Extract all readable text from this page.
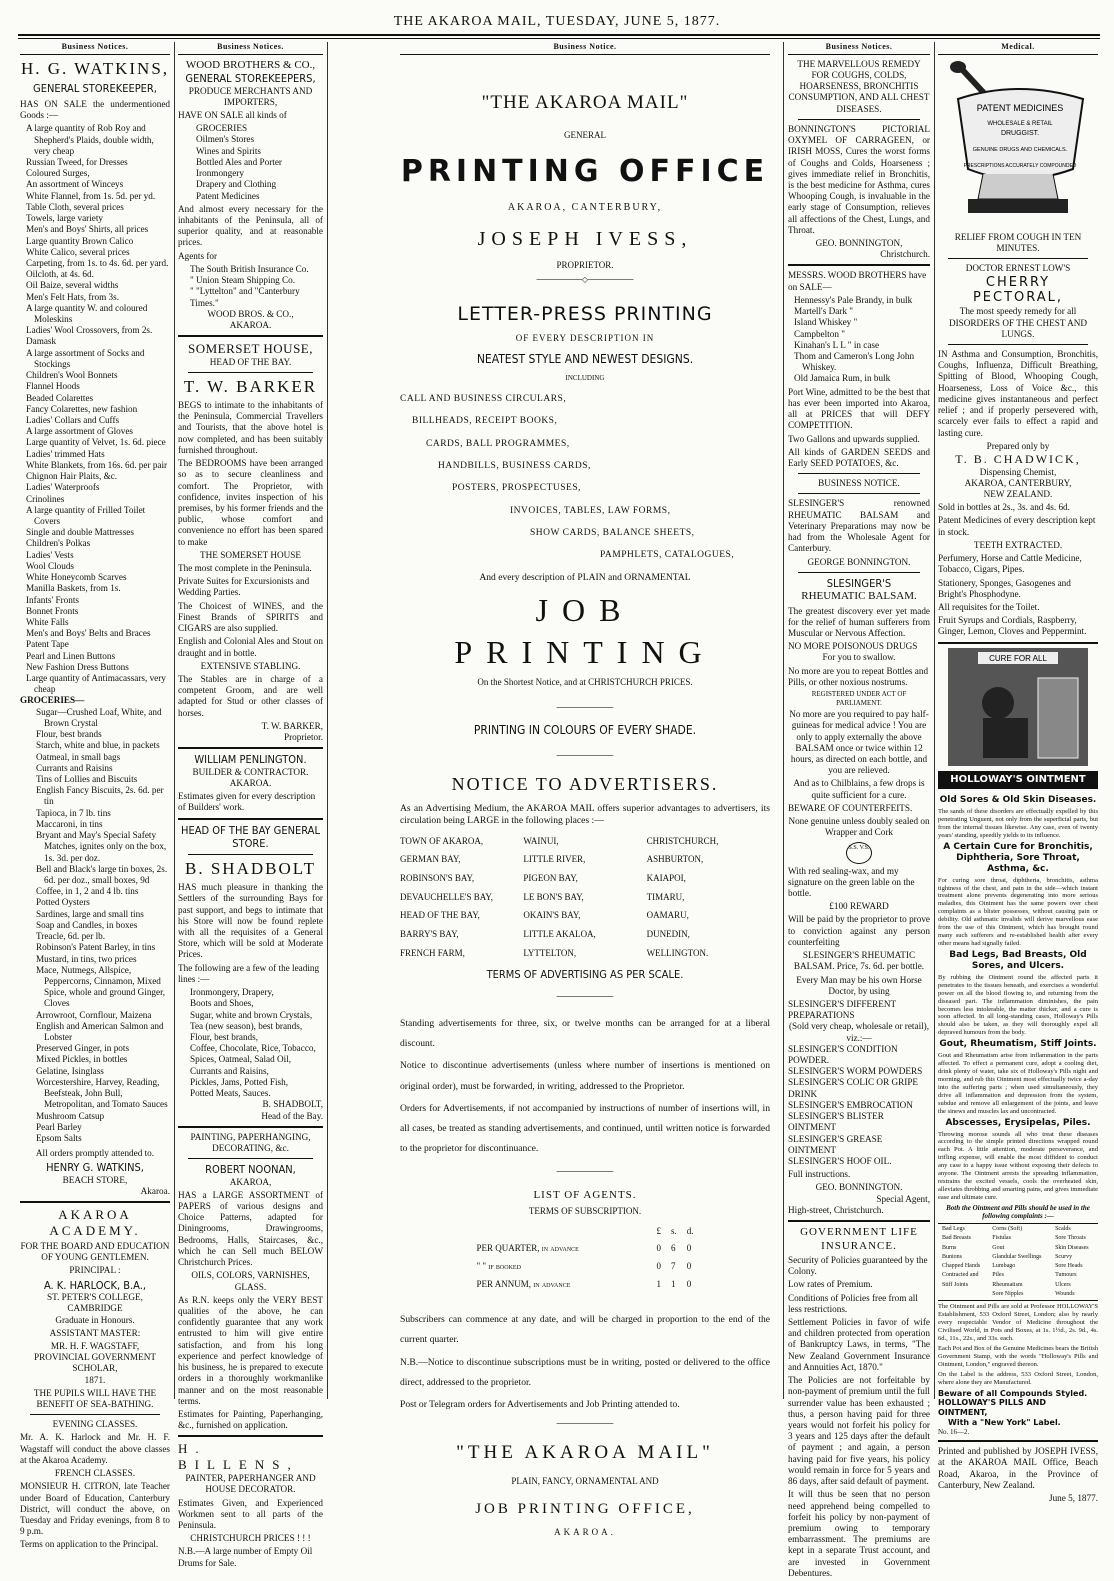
THE AKAROA MAIL, TUESDAY, JUNE 5, 1877.
Business Notices.
H. G. WATKINS,
GENERAL STOREKEEPER,

HAS ON SALE the undermentioned Goods :—

A large quantity of Rob Roy and Shepherd's Plaids, double width, very cheap
Russian Tweed, for Dresses
Coloured Surges,
An assortment of Winceys
White Flannel, from 1s. 5d. per yd.
Table Cloth, several prices
Towels, large variety
Men's and Boys' Shirts, all prices
Large quantity Brown Calico
White Calico, several prices
Carpeting, from 1s. to 4s. 6d. per yard.
Oilcloth, at 4s. 6d.
Oil Baize, several widths
Men's Felt Hats, from 3s.
A large quantity W. and coloured Moleskins
Ladies' Wool Crossovers, from 2s.
Damask
A large assortment of Socks and Stockings
Children's Wool Bonnets
Flannel Hoods
Beaded Colarettes
Fancy Colarettes, new fashion
Ladies' Collars and Cuffs
A large assortment of Gloves
Large quantity of Velvet, 1s. 6d. piece
Ladies' trimmed Hats
White Blankets, from 16s. 6d. per pair
Chignon Hair Plaits, &c.
Ladies' Waterproofs
Crinolines
A large quantity of Frilled Toilet Covers
Single and double Mattresses
Children's Polkas
Ladies' Vests
Wool Clouds
White Honeycomb Scarves
Manilla Baskets, from 1s.
Infants' Fronts
Bonnet Fronts
White Falls
Men's and Boys' Belts and Braces
Patent Tape
Pearl and Linen Buttons
New Fashion Dress Buttons
Large quantity of Antimacassars, very cheap
GROCERIES—
Sugar—Crushed Loaf, White, and Brown Crystal
Flour, best brands
Starch, white and blue, in packets
Oatmeal, in small bags
Currants and Raisins
Tins of Lollies and Biscuits
English Fancy Biscuits, 2s. 6d. per tin
Tapioca, in 7 lb. tins
Maccaroni, in tins
Bryant and May's Special Safety Matches, ignites only on the box, 1s. 3d. per doz.
Bell and Black's large tin boxes, 2s. 6d. per doz., small boxes, 9d
Coffee, in 1, 2 and 4 lb. tins
Potted Oysters
Sardines, large and small tins
Soap and Candles, in boxes
Treacle, 6d. per lb.
Robinson's Patent Barley, in tins
Mustard, in tins, two prices
Mace, Nutmegs, Allspice, Peppercorns, Cinnamon, Mixed Spice, whole and ground Ginger, Cloves
Arrowroot, Cornflour, Maizena
English and American Salmon and Lobster
Preserved Ginger, in pots
Mixed Pickles, in bottles
Gelatine, Isinglass
Worcestershire, Harvey, Reading, Beefsteak, John Bull, Metropolitan, and Tomato Sauces
Mushroom Catsup
Pearl Barley
Epsom Salts

All orders promptly attended to.

HENRY G. WATKINS,
BEACH STORE,
Akaroa.
AKAROA ACADEMY.

FOR THE BOARD AND EDUCATION OF YOUNG GENTLEMEN.

PRINCIPAL :

A. K. HARLOCK, B.A.,
ST. PETER'S COLLEGE, CAMBRIDGE
Graduate in Honours.

ASSISTANT MASTER:

MR. H. F. WAGSTAFF,
PROVINCIAL GOVERNMENT SCHOLAR,
1871.

THE PUPILS WILL HAVE THE BENEFIT OF SEA-BATHING.

EVENING CLASSES.

Mr. A. K. Harlock and Mr. H. F. Wagstaff will conduct the above classes at the Akaroa Academy.

FRENCH CLASSES.

MONSIEUR H. CITRON, late Teacher under Board of Education, Canterbury District, will conduct the above, on Tuesday and Friday evenings, from 8 to 9 p.m.

Terms on application to the Principal.

Business Notices.
WOOD BROTHERS & CO.,
GENERAL STOREKEEPERS,
PRODUCE MERCHANTS AND IMPORTERS,

HAVE ON SALE all kinds of

GROCERIES
Oilmen's Stores
Wines and Spirits
Bottled Ales and Porter
Ironmongery
Drapery and Clothing
Patent Medicines

And almost every necessary for the inhabitants of the Peninsula, all of superior quality, and at reasonable prices.

Agents for

The South British Insurance Co.
" Union Steam Shipping Co.
" "Lyttelton" and "Canterbury Times."
WOOD BROS. & CO.,
AKAROA.
SOMERSET HOUSE,
HEAD OF THE BAY.
T. W. BARKER

BEGS to intimate to the inhabitants of the Peninsula, Commercial Travellers and Tourists, that the above hotel is now completed, and has been suitably furnished throughout.

The BEDROOMS have been arranged so as to secure cleanliness and comfort. The Proprietor, with confidence, invites inspection of his premises, by his former friends and the public, whose comfort and convenience no effort has been spared to make

THE SOMERSET HOUSE

The most complete in the Peninsula.

Private Suites for Excursionists and Wedding Parties.

The Choicest of WINES, and the Finest Brands of SPIRITS and CIGARS are also supplied.

English and Colonial Ales and Stout on draught and in bottle.

EXTENSIVE STABLING.

The Stables are in charge of a competent Groom, and are well adapted for Stud or other classes of horses.

T. W. BARKER,
Proprietor.
WILLIAM PENLINGTON.
BUILDER & CONTRACTOR.
AKAROA.

Estimates given for every description of Builders' work.

HEAD OF THE BAY GENERAL STORE.
B. SHADBOLT

HAS much pleasure in thanking the Settlers of the surrounding Bays for past support, and begs to intimate that his Store will now be found replete with all the requisites of a General Store, which will be sold at Moderate Prices.

The following are a few of the leading lines :—

Ironmongery, Drapery,
Boots and Shoes,
Sugar, white and brown Crystals,
Tea (new season), best brands,
Flour, best brands,
Coffee, Chocolate, Rice, Tobacco,
Spices, Oatmeal, Salad Oil,
Currants and Raisins,
Pickles, Jams, Potted Fish,
Potted Meats, Sauces.
B. SHADBOLT,
Head of the Bay.
PAINTING, PAPERHANGING, DECORATING, &c.
ROBERT NOONAN,
AKAROA,

HAS a LARGE ASSORTMENT of PAPERS of various designs and Choice Patterns, adapted for Diningrooms, Drawingrooms, Bedrooms, Halls, Staircases, &c., which he can Sell much BELOW Christchurch Prices.

OILS, COLORS, VARNISHES, GLASS.

As R.N. keeps only the VERY BEST qualities of the above, he can confidently guarantee that any work entrusted to him will give entire satisfaction, and from his long experience and perfect knowledge of his business, he is prepared to execute orders in a thoroughly workmanlike manner and on the most reasonable terms.

Estimates for Painting, Paperhanging, &c., furnished on application.

H. BILLENS,
PAINTER, PAPERHANGER AND HOUSE DECORATOR.

Estimates Given, and Experienced Workmen sent to all parts of the Peninsula.

CHRISTCHURCH PRICES ! ! !

N.B.—A large number of Empty Oil Drums for Sale.

Business Notice.
"THE AKAROA MAIL"
GENERAL
PRINTING OFFICE
AKAROA, CANTERBURY,
JOSEPH IVESS,
PROPRIETOR.
────────◇────────
LETTER-PRESS PRINTING
OF EVERY DESCRIPTION IN
NEATEST STYLE AND NEWEST DESIGNS.
INCLUDING
CALL AND BUSINESS CIRCULARS,
BILLHEADS, RECEIPT BOOKS,
CARDS, BALL PROGRAMMES,
HANDBILLS, BUSINESS CARDS,
POSTERS, PROSPECTUSES,
INVOICES, TABLES, LAW FORMS,
SHOW CARDS, BALANCE SHEETS,
PAMPHLETS, CATALOGUES,
And every description of PLAIN and ORNAMENTAL
JOB PRINTING
On the Shortest Notice, and at CHRISTCHURCH PRICES.
──────────
PRINTING IN COLOURS OF EVERY SHADE.
──────────
NOTICE TO ADVERTISERS.

As an Advertising Medium, the AKAROA MAIL offers superior advantages to advertisers, its circulation being LARGE in the following places :—

TOWN OF AKAROA,	WAINUI,	CHRISTCHURCH,
GERMAN BAY,	LITTLE RIVER,	ASHBURTON,
ROBINSON'S BAY,	PIGEON BAY,	KAIAPOI,
DEVAUCHELLE'S BAY,	LE BON'S BAY,	TIMARU,
HEAD OF THE BAY,	OKAIN'S BAY,	OAMARU,
BARRY'S BAY,	LITTLE AKALOA,	DUNEDIN,
FRENCH FARM,	LYTTELTON,	WELLINGTON.
TERMS OF ADVERTISING AS PER SCALE.
──────────

Standing advertisements for three, six, or twelve months can be arranged for at a liberal discount.

Notice to discontinue advertisements (unless where number of insertions is mentioned on original order), must be forwarded, in writing, addressed to the Proprietor.

Orders for Advertisements, if not accompanied by instructions of number of insertions will, in all cases, be treated as standing advertisements, and continued, until written notice is forwarded to the proprietor for discontinuance.

──────────
LIST OF AGENTS.
TERMS OF SUBSCRIPTION.
	£	s.	d.
PER QUARTER, in advance	0	6	0
" " if booked	0	7	0
PER ANNUM, in advance	1	1	0

Subscribers can commence at any date, and will be charged in proportion to the end of the current quarter.

N.B.—Notice to discontinue subscriptions must be in writing, posted or delivered to the office direct, addressed to the proprietor.

Post or Telegram orders for Advertisements and Job Printing attended to.

──────────
"THE AKAROA MAIL"
PLAIN, FANCY, ORNAMENTAL AND
JOB PRINTING OFFICE,
AKAROA.
Business Notices.

THE MARVELLOUS REMEDY FOR COUGHS, COLDS, HOARSENESS, BRONCHITIS CONSUMPTION, AND ALL CHEST DISEASES.

BONNINGTON'S PICTORIAL OXYMEL OF CARRAGEEN, or IRISH MOSS, Cures the worst forms of Coughs and Colds, Hoarseness ; gives immediate relief in Bronchitis, is the best medicine for Asthma, cures Whooping Cough, is invaluable in the early stage of Consumption, relieves all affections of the Chest, Lungs, and Throat.

GEO. BONNINGTON,
Christchurch.

MESSRS. WOOD BROTHERS have on SALE—

Hennessy's Pale Brandy, in bulk
Martell's Dark "
Island Whiskey "
Campbelton "
Kinahan's L L " in case
Thom and Cameron's Long John Whiskey.
Old Jamaica Rum, in bulk

Port Wine, admitted to be the best that has ever been imported into Akaroa, all at PRICES that will DEFY COMPETITION.

Two Gallons and upwards supplied.

All kinds of GARDEN SEEDS and Early SEED POTATOES, &c.

BUSINESS NOTICE.

SLESINGER'S renowned RHEUMATIC BALSAM and Veterinary Preparations may now be had from the Wholesale Agent for Canterbury.

GEORGE BONNINGTON.
SLESINGER'S
RHEUMATIC BALSAM.

The greatest discovery ever yet made for the relief of human sufferers from Muscular or Nervous Affection.

NO MORE POISONOUS DRUGS
For you to swallow.

No more are you to repeat Bottles and Pills, or other noxious nostrums.

REGISTERED UNDER ACT OF PARLIAMENT.

No more are you required to pay half-guineas for medical advice ! You are only to apply externally the above BALSAM once or twice within 12 hours, as directed on each bottle, and you are relieved.

And as to Chilblains, a few drops is quite sufficient for a cure.

BEWARE OF COUNTERFEITS.

None genuine unless doubly sealed on Wrapper and Cork

S.S. V.S.

With red sealing-wax, and my signature on the green lable on the bottle.

£100 REWARD

Will be paid by the proprietor to prove to conviction against any person counterfeiting

SLESINGER'S RHEUMATIC BALSAM. Price, 7s. 6d. per bottle.

Every Man may be his own Horse Doctor, by using

SLESINGER'S DIFFERENT PREPARATIONS
(Sold very cheap, wholesale or retail), viz.:—
SLESINGER'S CONDITION POWDER.
SLESINGER'S WORM POWDERS
SLESINGER'S COLIC OR GRIPE DRINK
SLESINGER'S EMBROCATION
SLESINGER'S BLISTER OINTMENT
SLESINGER'S GREASE OINTMENT
SLESINGER'S HOOF OIL.

Full instructions.

GEO. BONNINGTON.
Special Agent,
High-street, Christchurch.
GOVERNMENT LIFE INSURANCE.

Security of Policies guaranteed by the Colony.

Low rates of Premium.

Conditions of Policies free from all less restrictions.

Settlement Policies in favor of wife and children protected from operation of Bankruptcy Laws, in terms, "The New Zealand Government Insurance and Annuities Act, 1870."

The Policies are not forfeitable by non-payment of premium until the full surrender value has been exhausted ; thus, a person having paid for three years would not forfeit his policy for 3 years and 125 days after the default of payment ; and again, a person having paid for five years, his policy would remain in force for 5 years and 86 days, after said default of payment.

It will thus be seen that no person need apprehend being compelled to forfeit his policy by non-payment of premium owing to temporary embarrassment. The premiums are kept in a separate Trust account, and are invested in Government Debentures.

Medical.
PATENT MEDICINES
WHOLESALE & RETAIL
DRUGGIST.
GENUINE DRUGS AND CHEMICALS.
PRESCRIPTIONS ACCURATELY COMPOUNDED
RELIEF FROM COUGH IN TEN MINUTES.
DOCTOR ERNEST LOW'S
CHERRY PECTORAL,
The most speedy remedy for all
DISORDERS OF THE CHEST AND LUNGS.

IN Asthma and Consumption, Bronchitis, Coughs, Influenza, Difficult Breathing, Spitting of Blood, Whooping Cough, Hoarseness, Loss of Voice &c., this medicine gives instantaneous and perfect relief ; and if properly persevered with, scarcely ever fails to effect a rapid and lasting cure.

Prepared only by
T. B. CHADWICK,
Dispensing Chemist,
AKAROA, CANTERBURY,
NEW ZEALAND.

Sold in bottles at 2s., 3s. and 4s. 6d.

Patent Medicines of every description kept in stock.

TEETH EXTRACTED.

Perfumery, Horse and Cattle Medicine, Tobacco, Cigars, Pipes.

Stationery, Sponges, Gasogenes and Bright's Phosphodyne.

All requisites for the Toilet.

Fruit Syrups and Cordials, Raspberry, Ginger, Lemon, Cloves and Peppermint.

CURE FOR ALL
HOLLOWAY'S OINTMENT
Old Sores & Old Skin Diseases.

The sands of these disorders are effectually expelled by this penetrating Unguent, not only from the superficial parts, but from the internal tissues likewise. Any case, even of twenty years' standing, speedily yields to its influence.

A Certain Cure for Bronchitis, Diphtheria, Sore Throat, Asthma, &c.

For curing sore throat, diphtheria, bronchitis, asthma tightness of the chest, and pain in the side—which instant treatment alone prevents degenerating into more serious maladies, this Ointment has the same powers over chest complaints as a blister possesses, without causing pain or debility. Old asthmatic invalids will derive marvellous ease from the use of this Ointment, which has brought round many such sufferers and re-established health after every other means had signally failed.

Bad Legs, Bad Breasts, Old Sores, and Ulcers.

By rubbing the Ointment round the affected parts it penetrates to the tissues beneath, and exercises a wonderful power on all the blood flowing to, and returning from the diseased part. The inflammation diminishes, the pain becomes less intolerable, the matter thicker, and a cure is soon affected. In all long-standing cases, Holloway's Pills should also be taken, as they will thoroughly expel all depraved humours from the body.

Gout, Rheumatism, Stiff Joints.

Gout and Rheumatism arise from inflammation in the parts affected. To effect a permanent cure, adopt a cooling diet, drink plenty of water, take six of Holloway's Pills night and morning, and rub this Ointment most effectually twice a-day into the suffering parts ; when used simultaneously, they drive all inflammation and depression from the system, subdue and remove all enlargement of the joints, and leave the sinews and muscles lax and uncontracted.

Abscesses, Erysipelas, Piles.

Throwing morose sounds all who treat these diseases according to the simple printed directions wrapped round each Pot. A little attention, moderate perseverance, and trifling expense, will enable the most diffident to conduct any case to a happy issue without exposing their defects to anyone. The Ointment arrests the spreading inflammation, restrains the excited vessels, cools the overheated skin, alleviates throbbing and smarting pains, and gives immediate ease and ultimate cure.

Both the Ointment and Pills should be used in the following complaints :—

Bad Legs	Corns (Soft)	Scalds
Bad Breasts	Fistulas	Sore Throats
Burns	Gout	Skin Diseases
Bunions	Glandular Swellings	Scurvy
Chapped Hands	Lumbago	Sore Heads
Contracted and	Piles	Tumours
Stiff Joints	Rheumatism	Ulcers
	Sore Nipples	Wounds

The Ointment and Pills are sold at Professor HOLLOWAY'S Establishment, 533 Oxford Street, London; also by nearly every respectable Vendor of Medicine throughout the Civilised World, in Pots and Boxes, at 1s. 1½d., 2s. 9d., 4s. 6d., 11s., 22s., and 33s. each.

Each Pot and Box of the Genuine Medicines bears the British Government Stamp, with the words "Holloway's Pills and Ointment, London," engraved thereon.

On the Label is the address, 533 Oxford Street, London, where alone they are Manufactured.

Beware of all Compounds Styled.
HOLLOWAY'S PILLS AND OINTMENT,
With a "New York" Label.
No. 16—2.

Printed and published by JOSEPH IVESS, at the AKAROA MAIL Office, Beach Road, Akaroa, in the Province of Canterbury, New Zealand.

June 5, 1877.
